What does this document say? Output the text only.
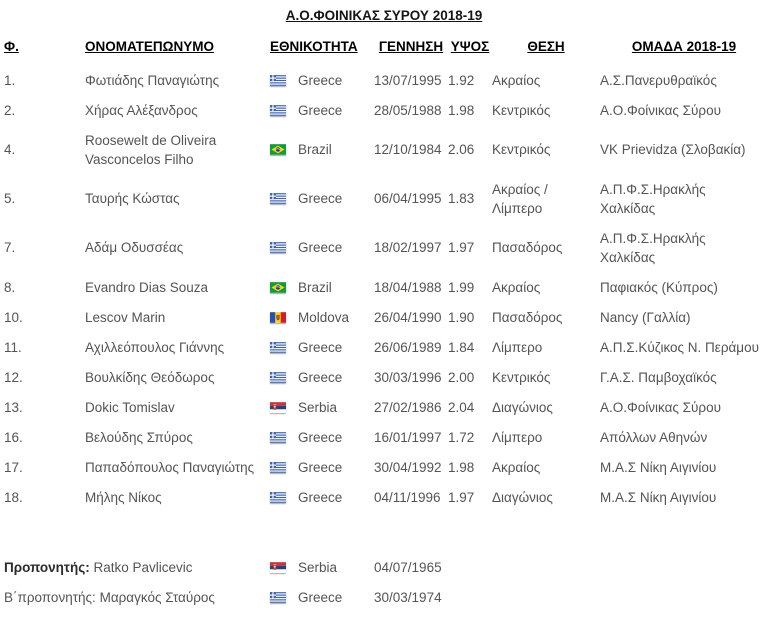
Α.Ο.ΦΟΙΝΙΚΑΣ ΣΥΡΟΥ 2018-19
Φ.	ΟΝΟΜΑΤΕΠΩΝΥΜΟ	ΕΘΝΙΚΟΤΗΤΑ	ΓΕΝΝΗΣΗ	ΥΨΟΣ	ΘΕΣΗ	ΟΜΑΔΑ 2018-19
1.	Φωτιάδης Παναγιώτης	Greece	13/07/1995	1.92	Ακραίος	Α.Σ.Πανερυθραϊκός
2.	Χήρας Αλέξανδρος	Greece	28/05/1988	1.98	Κεντρικός	Α.Ο.Φοίνικας Σύρου
4.	Roosewelt de Oliveira Vasconcelos Filho	Brazil	12/10/1984	2.06	Κεντρικός	VK Prievidza (Σλοβακία)
5.	Ταυρής Κώστας	Greece	06/04/1995	1.83	Ακραίος / Λίμπερο	Α.Π.Φ.Σ.Ηρακλής Χαλκίδας
7.	Αδάμ Οδυσσέας	Greece	18/02/1997	1.97	Πασαδόρος	Α.Π.Φ.Σ.Ηρακλής Χαλκίδας
8.	Evandro Dias Souza	Brazil	18/04/1988	1.99	Ακραίος	Παφιακός (Κύπρος)
10.	Lescov Marin	Moldova	26/04/1990	1.90	Πασαδόρος	Nancy (Γαλλία)
11.	Αχιλλεόπουλος Γιάννης	Greece	26/06/1989	1.84	Λίμπερο	Α.Π.Σ.Κύζικος Ν. Περάμου
12.	Βουλκίδης Θεόδωρος	Greece	30/03/1996	2.00	Κεντρικός	Γ.Α.Σ. Παμβοχαϊκός
13.	Dokic Tomislav	Serbia	27/02/1986	2.04	Διαγώνιος	Α.Ο.Φοίνικας Σύρου
16.	Βελούδης Σπύρος	Greece	16/01/1997	1.72	Λίμπερο	Απόλλων Αθηνών
17.	Παπαδόπουλος Παναγιώτης	Greece	30/04/1992	1.98	Ακραίος	Μ.Α.Σ Νίκη Αιγινίου
18.	Μήλης Νίκος	Greece	04/11/1996	1.97	Διαγώνιος	Μ.Α.Σ Νίκη Αιγινίου
Προπονητής: Ratko Pavlicevic	Serbia	04/07/1965			
Β΄προπονητής: Μαραγκός Σταύρος	Greece	30/03/1974			
